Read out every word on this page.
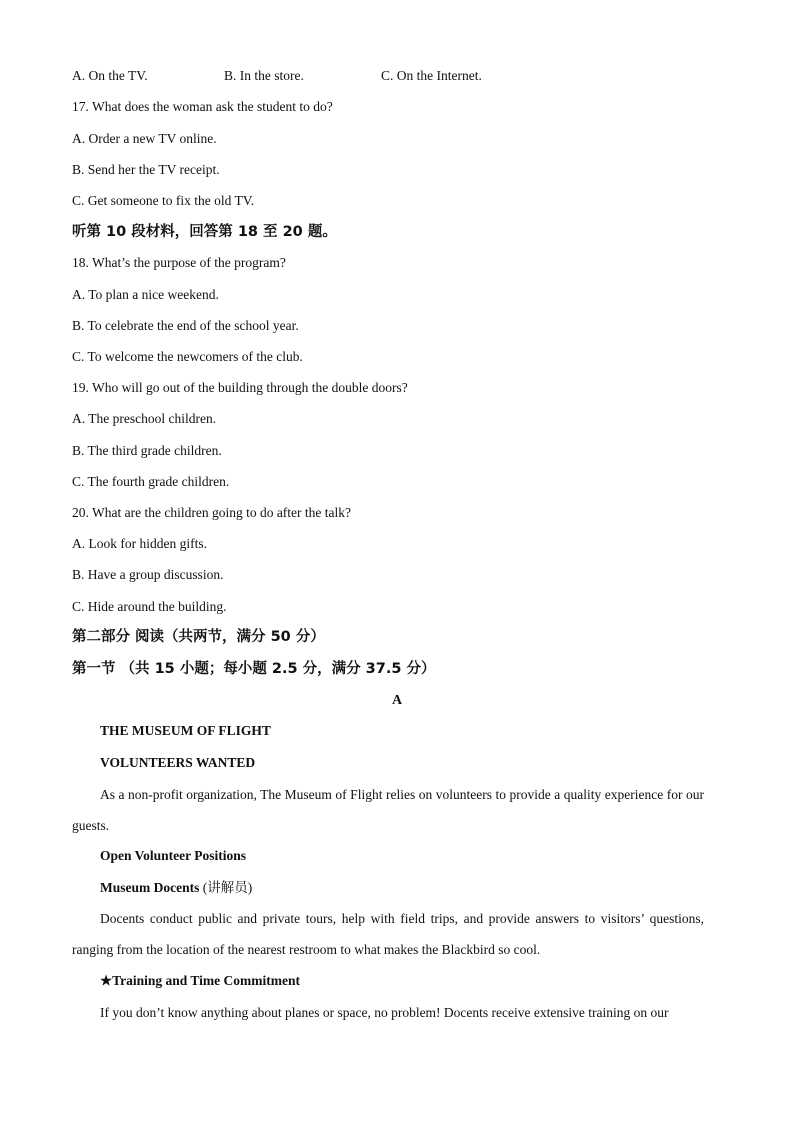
A. On the TV.	B. In the store.	C. On the Internet.
17. What does the woman ask the student to do?
A. Order a new TV online.
B. Send her the TV receipt.
C. Get someone to fix the old TV.
听第 10 段材料，回答第 18 至 20 题。
18. What’s the purpose of the program?
A. To plan a nice weekend.
B. To celebrate the end of the school year.
C. To welcome the newcomers of the club.
19. Who will go out of the building through the double doors?
A. The preschool children.
B. The third grade children.
C. The fourth grade children.
20. What are the children going to do after the talk?
A. Look for hidden gifts.
B. Have a group discussion.
C. Hide around the building.
第二部分 阅读（共两节，满分 50 分）
第一节 （共 15 小题；每小题 2.5 分，满分 37.5 分）
A
THE MUSEUM OF FLIGHT
VOLUNTEERS WANTED
As a non-profit organization, The Museum of Flight relies on volunteers to provide a quality experience for our guests.
Open Volunteer Positions
Museum Docents (讲解员)
Docents conduct public and private tours, help with field trips, and provide answers to visitors’ questions, ranging from the location of the nearest restroom to what makes the Blackbird so cool.
★Training and Time Commitment
If you don’t know anything about planes or space, no problem! Docents receive extensive training on our
